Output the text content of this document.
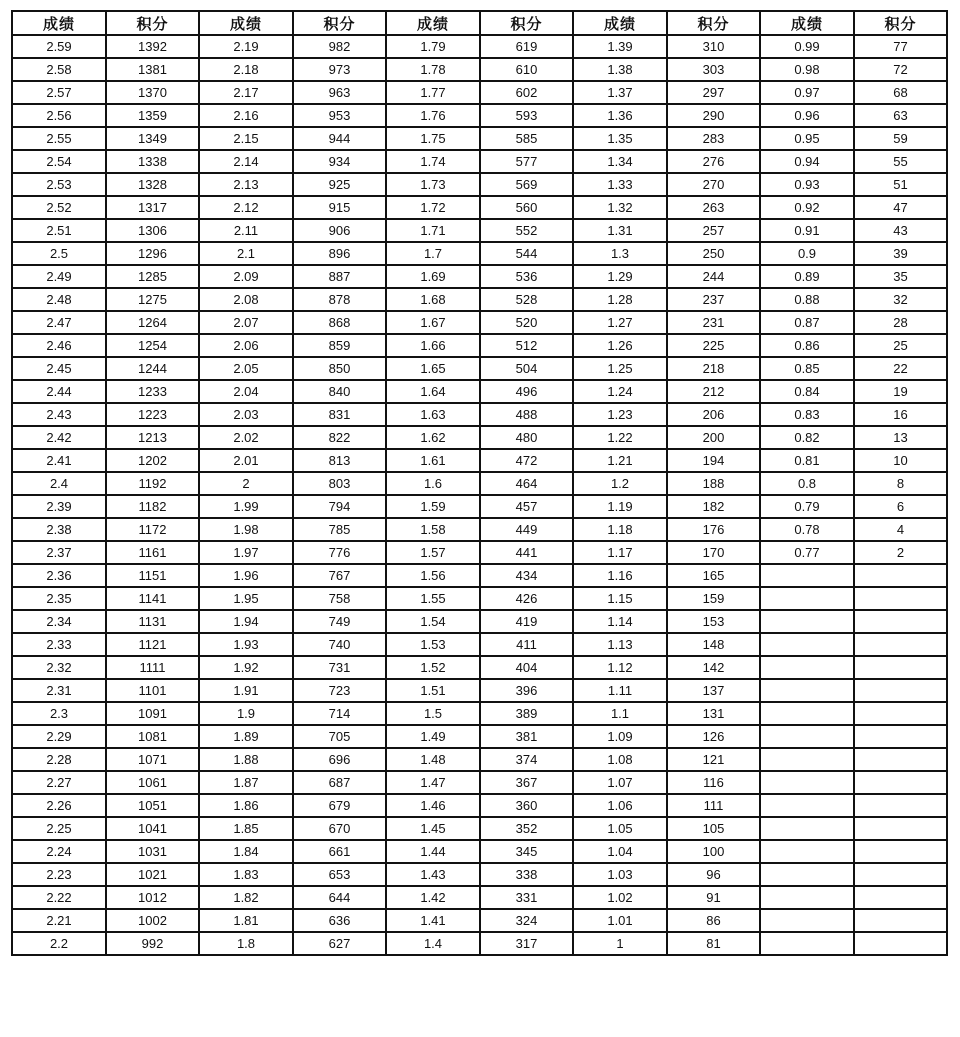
成绩	积分	成绩	积分	成绩	积分	成绩	积分	成绩	积分
2.59	1392	2.19	982	1.79	619	1.39	310	0.99	77
2.58	1381	2.18	973	1.78	610	1.38	303	0.98	72
2.57	1370	2.17	963	1.77	602	1.37	297	0.97	68
2.56	1359	2.16	953	1.76	593	1.36	290	0.96	63
2.55	1349	2.15	944	1.75	585	1.35	283	0.95	59
2.54	1338	2.14	934	1.74	577	1.34	276	0.94	55
2.53	1328	2.13	925	1.73	569	1.33	270	0.93	51
2.52	1317	2.12	915	1.72	560	1.32	263	0.92	47
2.51	1306	2.11	906	1.71	552	1.31	257	0.91	43
2.5	1296	2.1	896	1.7	544	1.3	250	0.9	39
2.49	1285	2.09	887	1.69	536	1.29	244	0.89	35
2.48	1275	2.08	878	1.68	528	1.28	237	0.88	32
2.47	1264	2.07	868	1.67	520	1.27	231	0.87	28
2.46	1254	2.06	859	1.66	512	1.26	225	0.86	25
2.45	1244	2.05	850	1.65	504	1.25	218	0.85	22
2.44	1233	2.04	840	1.64	496	1.24	212	0.84	19
2.43	1223	2.03	831	1.63	488	1.23	206	0.83	16
2.42	1213	2.02	822	1.62	480	1.22	200	0.82	13
2.41	1202	2.01	813	1.61	472	1.21	194	0.81	10
2.4	1192	2	803	1.6	464	1.2	188	0.8	8
2.39	1182	1.99	794	1.59	457	1.19	182	0.79	6
2.38	1172	1.98	785	1.58	449	1.18	176	0.78	4
2.37	1161	1.97	776	1.57	441	1.17	170	0.77	2
2.36	1151	1.96	767	1.56	434	1.16	165		
2.35	1141	1.95	758	1.55	426	1.15	159		
2.34	1131	1.94	749	1.54	419	1.14	153		
2.33	1121	1.93	740	1.53	411	1.13	148		
2.32	1111	1.92	731	1.52	404	1.12	142		
2.31	1101	1.91	723	1.51	396	1.11	137		
2.3	1091	1.9	714	1.5	389	1.1	131		
2.29	1081	1.89	705	1.49	381	1.09	126		
2.28	1071	1.88	696	1.48	374	1.08	121		
2.27	1061	1.87	687	1.47	367	1.07	116		
2.26	1051	1.86	679	1.46	360	1.06	111		
2.25	1041	1.85	670	1.45	352	1.05	105		
2.24	1031	1.84	661	1.44	345	1.04	100		
2.23	1021	1.83	653	1.43	338	1.03	96		
2.22	1012	1.82	644	1.42	331	1.02	91		
2.21	1002	1.81	636	1.41	324	1.01	86		
2.2	992	1.8	627	1.4	317	1	81		
